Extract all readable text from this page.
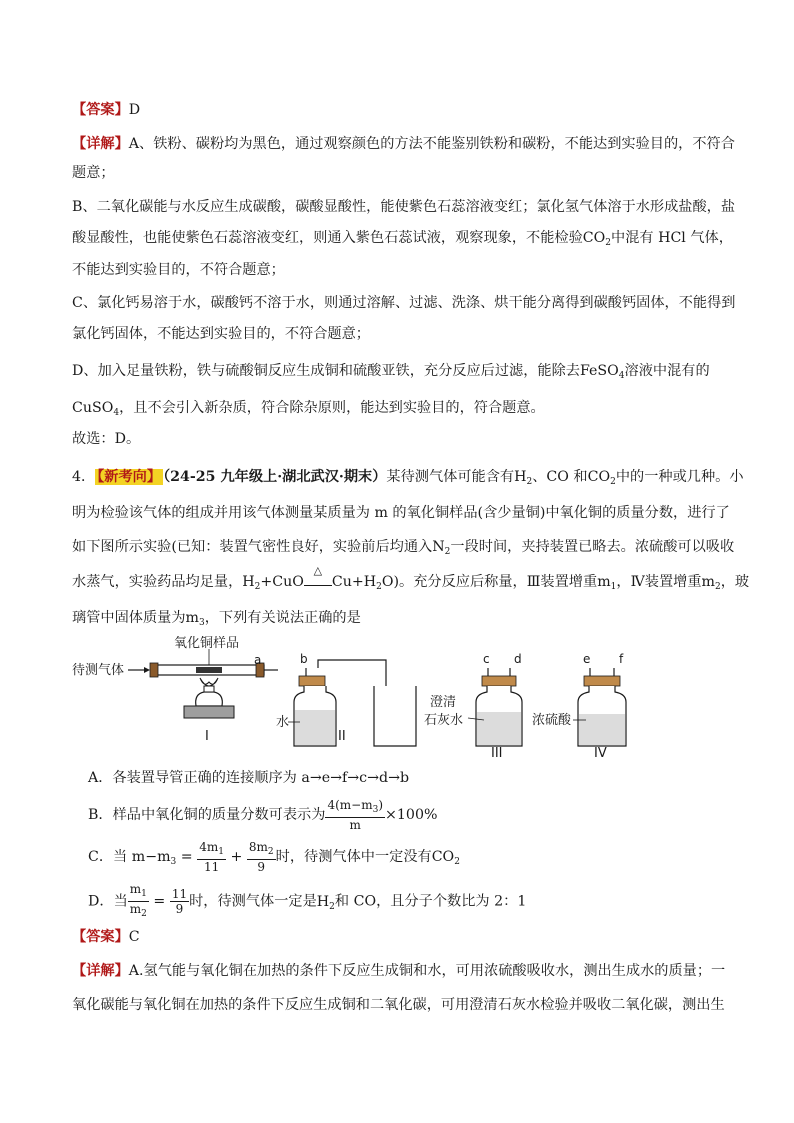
【答案】D
【详解】A、铁粉、碳粉均为黑色，通过观察颜色的方法不能鉴别铁粉和碳粉，不能达到实验目的，不符合
题意；
B、二氧化碳能与水反应生成碳酸，碳酸显酸性，能使紫色石蕊溶液变红；氯化氢气体溶于水形成盐酸，盐
酸显酸性，也能使紫色石蕊溶液变红，则通入紫色石蕊试液，观察现象，不能检验$CO_2$中混有 HCl 气体，
不能达到实验目的，不符合题意；
C、氯化钙易溶于水，碳酸钙不溶于水，则通过溶解、过滤、洗涤、烘干能分离得到碳酸钙固体，不能得到
氯化钙固体，不能达到实验目的，不符合题意；
D、加入足量铁粉，铁与硫酸铜反应生成铜和硫酸亚铁，充分反应后过滤，能除去FeSO$_4$溶液中混有的
CuSO$_4$，且不会引入新杂质，符合除杂原则，能达到实验目的，符合题意。
故选：D。
4． 【新考向】 （24-25 九年级上·湖北武汉·期末）某待测气体可能含有$H_2$、CO 和$CO_2$中的一种或几种。小
明为检验该气体的组成并用该气体测量某质量为 m 的氧化铜样品(含少量铜)中氧化铜的质量分数，进行了
如下图所示实验(已知：装置气密性良好，实验前后均通入$N_2$一段时间，夹持装置已略去。浓硫酸可以吸收
水蒸气，实验药品均足量，$H_2+CuO$
△
$Cu+H_2O$)。充分反应后称量，Ⅲ装置增重$m_1$，Ⅳ装置增重$m_2$，玻
璃管中固体质量为$m_3$，下列有关说法正确的是
待测气体
a
氧化铜样品
I
b
水
II
c d
澄清
石灰水
III
e f
浓硫酸
IV
A．各装置导管正确的连接顺序为 a→e→f→c→d→b
B．样品中氧化铜的质量分数可表示为 $\frac{4(m-m_3)}{m} \times 100\%$
C．当 $m-m_3 = \frac{4m_1}{11} + \frac{8m_2}{9}$ 时，待测气体中一定没有$CO_2$
D．当 $\frac{m_1}{m_2} = \frac{11}{9}$ 时，待测气体一定是$H_2$和 CO，且分子个数比为 2：1
【答案】C
【详解】A.氢气能与氧化铜在加热的条件下反应生成铜和水，可用浓硫酸吸收水，测出生成水的质量；一
氧化碳能与氧化铜在加热的条件下反应生成铜和二氧化碳，可用澄清石灰水检验并吸收二氧化碳，测出生
